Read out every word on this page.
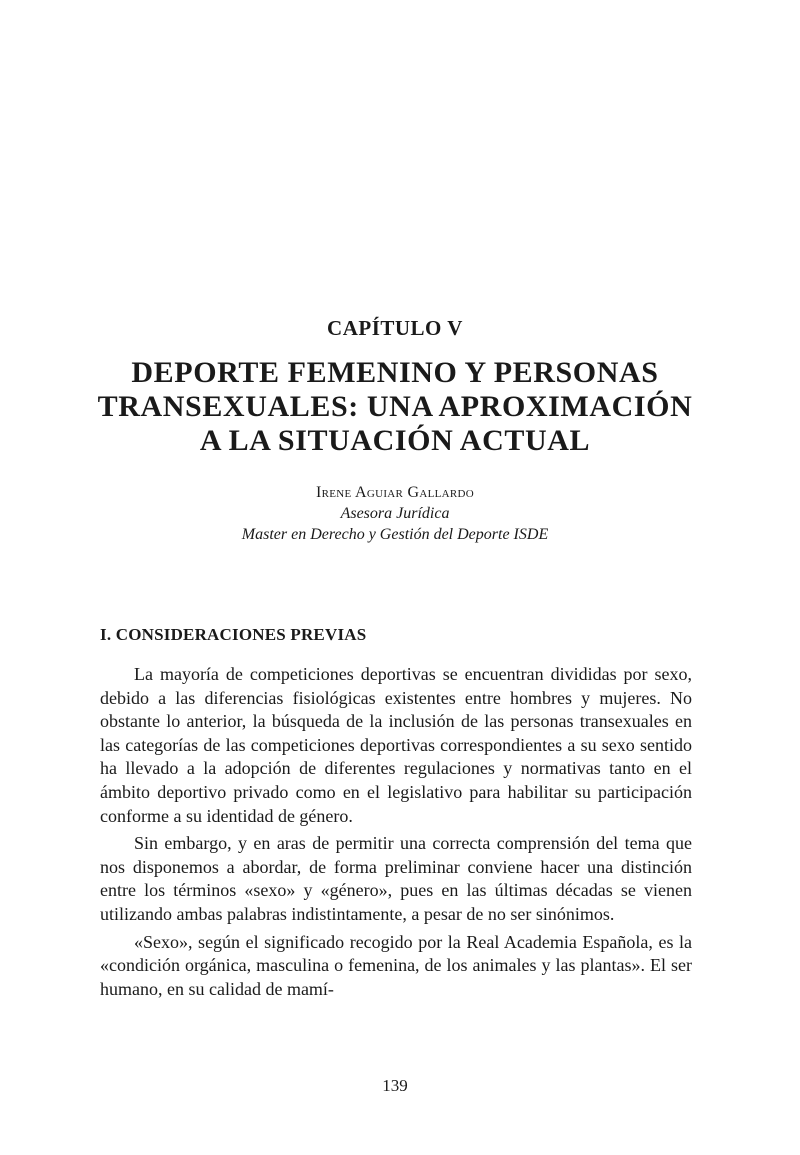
CAPÍTULO V
DEPORTE FEMENINO Y PERSONAS
TRANSEXUALES: UNA APROXIMACIÓN
A LA SITUACIÓN ACTUAL
Irene Aguiar Gallardo
Asesora Jurídica
Master en Derecho y Gestión del Deporte ISDE
I. CONSIDERACIONES PREVIAS

La mayoría de competiciones deportivas se encuentran divididas por sexo, debido a las diferencias fisiológicas existentes entre hombres y mujeres. No obstante lo anterior, la búsqueda de la inclusión de las personas transexuales en las categorías de las competiciones deportivas correspondientes a su sexo sentido ha llevado a la adopción de diferentes regulaciones y normativas tanto en el ámbito deportivo privado como en el legislativo para habilitar su participación conforme a su identidad de género.

Sin embargo, y en aras de permitir una correcta comprensión del tema que nos disponemos a abordar, de forma preliminar conviene hacer una distinción entre los términos «sexo» y «género», pues en las últimas décadas se vienen utilizando ambas palabras indistintamente, a pesar de no ser sinónimos.

«Sexo», según el significado recogido por la Real Academia Española, es la «condición orgánica, masculina o femenina, de los animales y las plantas». El ser humano, en su calidad de mamí-

139
